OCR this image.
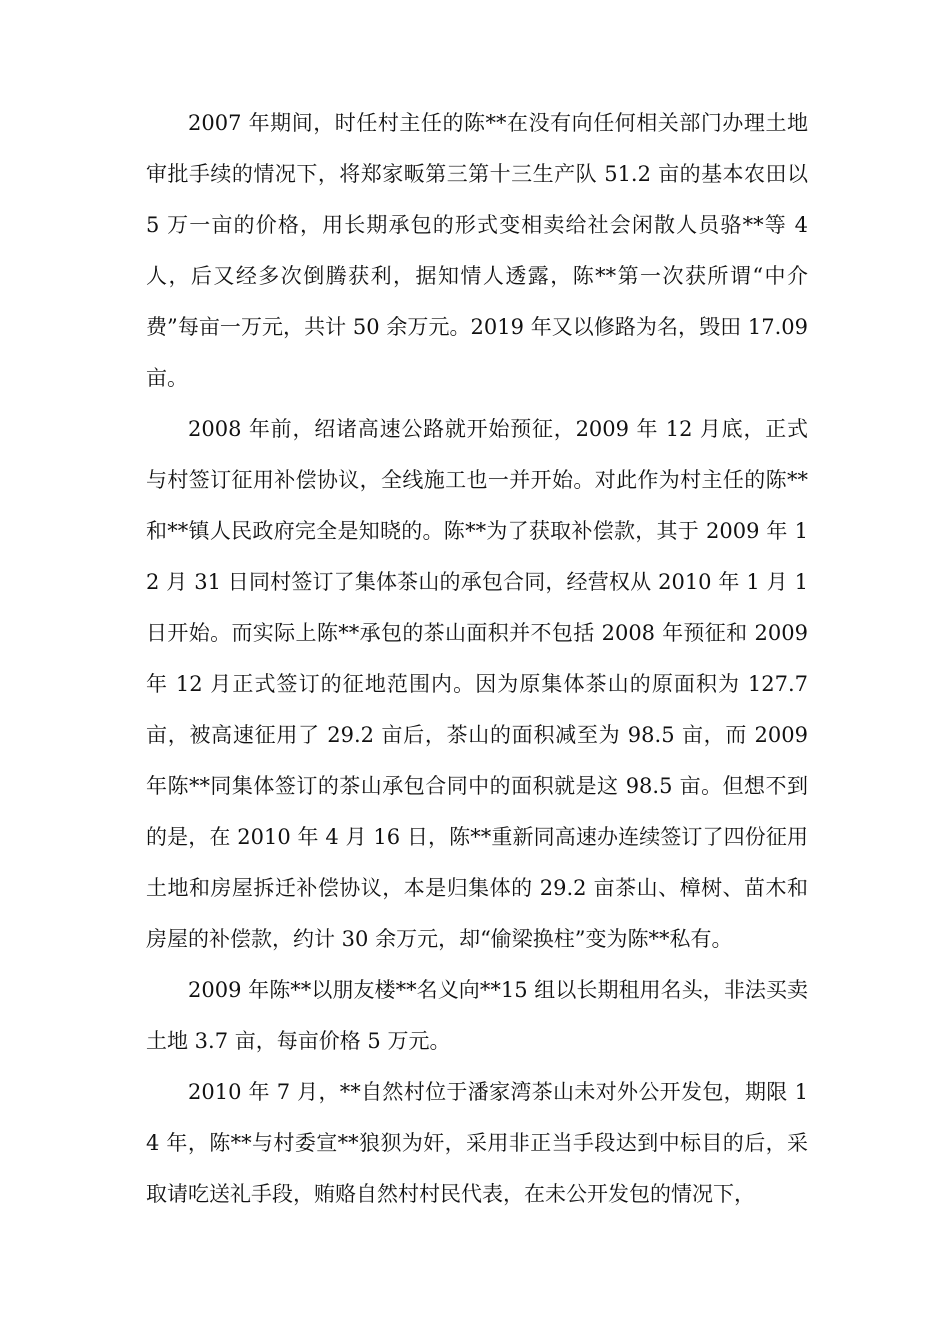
2007 年期间，时任村主任的陈**在没有向任何相关部门办理土地审批手续的情况下，将郑家畈第三第十三生产队 51.2 亩的基本农田以 5 万一亩的价格，用长期承包的形式变相卖给社会闲散人员骆**等 4 人，后又经多次倒腾获利，据知情人透露，陈**第一次获所谓“中介费”每亩一万元，共计 50 余万元。2019 年又以修路为名，毁田 17.09 亩。

2008 年前，绍诸高速公路就开始预征，2009 年 12 月底，正式与村签订征用补偿协议，全线施工也一并开始。对此作为村主任的陈**和**镇人民政府完全是知晓的。陈**为了获取补偿款，其于 2009 年 12 月 31 日同村签订了集体茶山的承包合同，经营权从 2010 年 1 月 1 日开始。而实际上陈**承包的茶山面积并不包括 2008 年预征和 2009 年 12 月正式签订的征地范围内。因为原集体茶山的原面积为 127.7 亩，被高速征用了 29.2 亩后，茶山的面积减至为 98.5 亩，而 2009 年陈**同集体签订的茶山承包合同中的面积就是这 98.5 亩。但想不到的是，在 2010 年 4 月 16 日，陈**重新同高速办连续签订了四份征用土地和房屋拆迁补偿协议，本是归集体的 29.2 亩茶山、樟树、苗木和房屋的补偿款，约计 30 余万元，却“偷梁换柱”变为陈**私有。

2009 年陈**以朋友楼**名义向**15 组以长期租用名头，非法买卖土地 3.7 亩，每亩价格 5 万元。

2010 年 7 月，**自然村位于潘家湾茶山未对外公开发包，期限 14 年，陈**与村委宣**狼狈为奸，采用非正当手段达到中标目的后，采取请吃送礼手段，贿赂自然村村民代表，在未公开发包的情况下，
